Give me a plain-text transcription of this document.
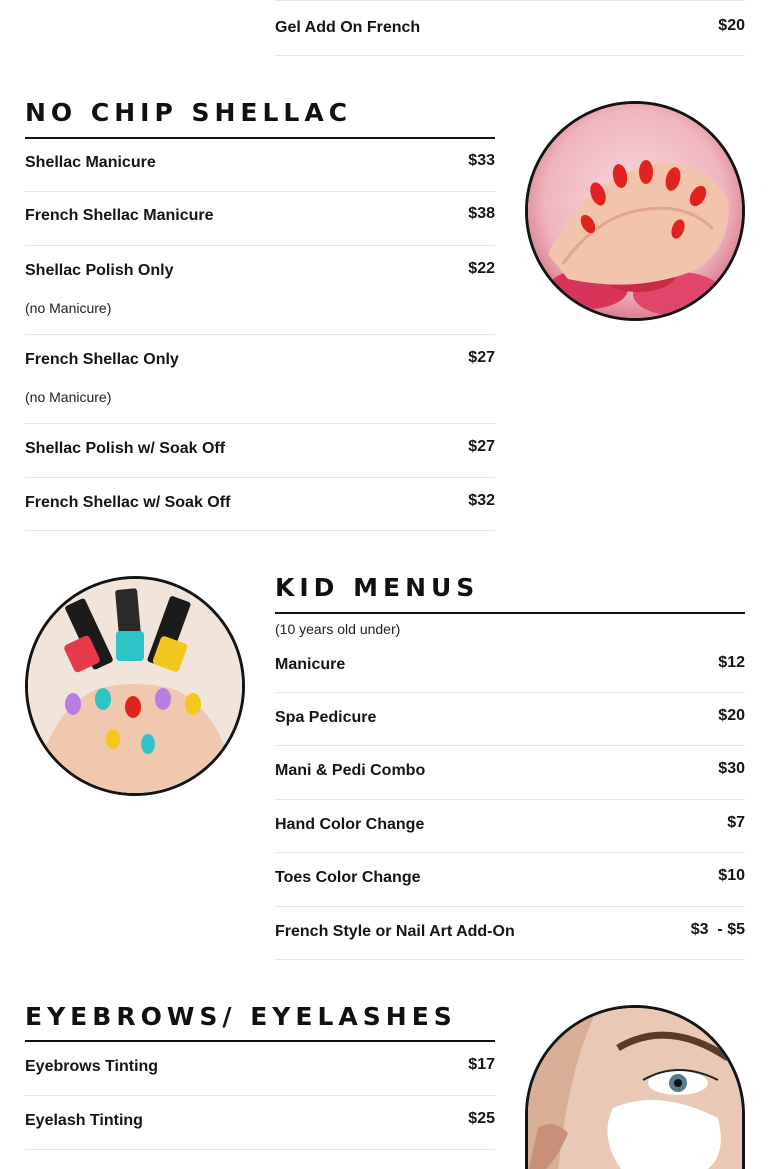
Gel Add On French	$20
NO CHIP SHELLAC
Shellac Manicure	$33
French Shellac Manicure	$38
Shellac Polish Only	$22
(no Manicure)
French Shellac Only	$27
(no Manicure)
Shellac Polish w/ Soak Off	$27
French Shellac w/ Soak Off	$32
KID MENUS
(10 years old under)
Manicure	$12
Spa Pedicure	$20
Mani & Pedi Combo	$30
Hand Color Change	$7
Toes Color Change	$10
French Style or Nail Art Add-On	$3  - $5
EYEBROWS/ EYELASHES
Eyebrows Tinting	$17
Eyelash Tinting	$25
